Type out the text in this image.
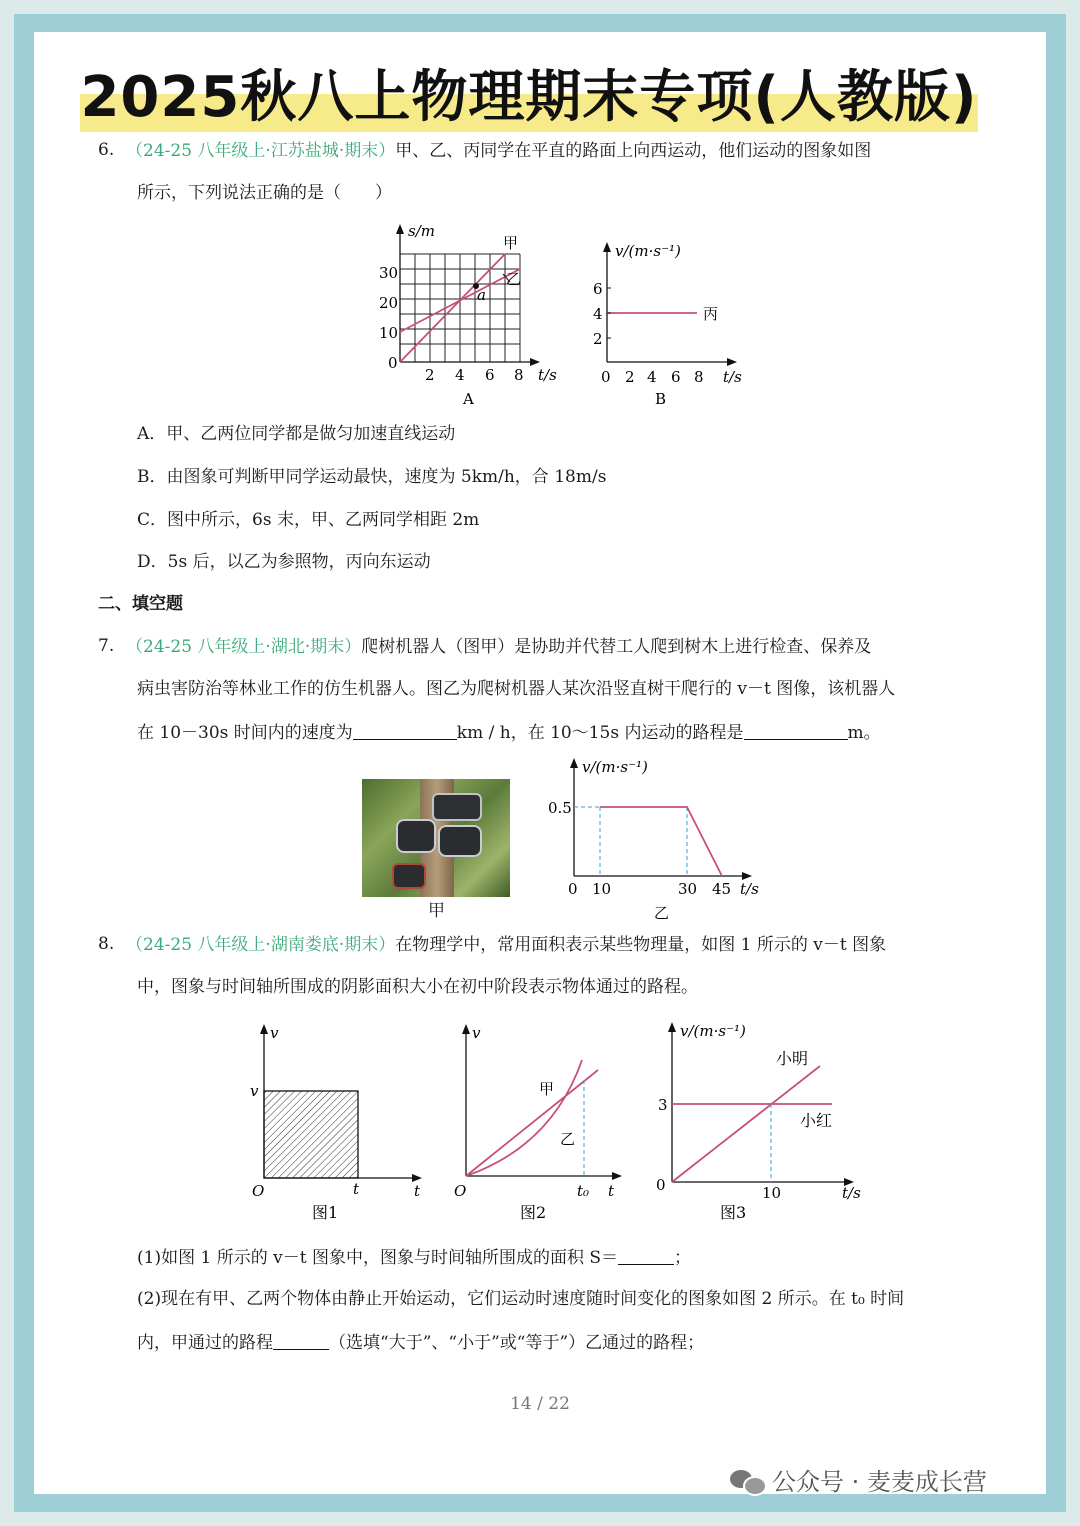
2025秋八上物理期末专项(人教版)
6. （24-25 八年级上·江苏盐城·期末）甲、乙、丙同学在平直的路面上向西运动，他们运动的图象如图
所示，下列说法正确的是（　　）
s/m
0
10
20
30
2 4 6 8 t/s
甲
乙
a
A
v/(m·s⁻¹)
2
4
6
0 2 4 6 8 t/s
丙
B
A．甲、乙两位同学都是做匀加速直线运动
B．由图象可判断甲同学运动最快，速度为 5km/h，合 18m/s
C．图中所示，6s 末，甲、乙两同学相距 2m
D．5s 后，以乙为参照物，丙向东运动
二、填空题
7. （24-25 八年级上·湖北·期末）爬树机器人（图甲）是协助并代替工人爬到树木上进行检查、保养及
病虫害防治等林业工作的仿生机器人。图乙为爬树机器人某次沿竖直树干爬行的 v－t 图像，该机器人
在 10－30s 时间内的速度为	km / h，在 10～15s 内运动的路程是	m。
甲
v/(m·s⁻¹)
0.5
0 10	30 45 t/s
乙
8. （24-25 八年级上·湖南娄底·期末）在物理学中，常用面积表示某些物理量，如图 1 所示的 v－t 图象
中，图象与时间轴所围成的阴影面积大小在初中阶段表示物体通过的路程。
v
v
O	t	t
图1
v
O	t₀ t
甲
乙
图2
v/(m·s⁻¹)
0
3
10	t/s
小明
小红
图3
(1)如图 1 所示的 v－t 图象中，图象与时间轴所围成的面积 S＝	；
(2)现在有甲、乙两个物体由静止开始运动，它们运动时速度随时间变化的图象如图 2 所示。在 t₀ 时间
内，甲通过的路程	（选填“大于”、“小于”或“等于”）乙通过的路程；
14 / 22
公众号 · 麦麦成长营
